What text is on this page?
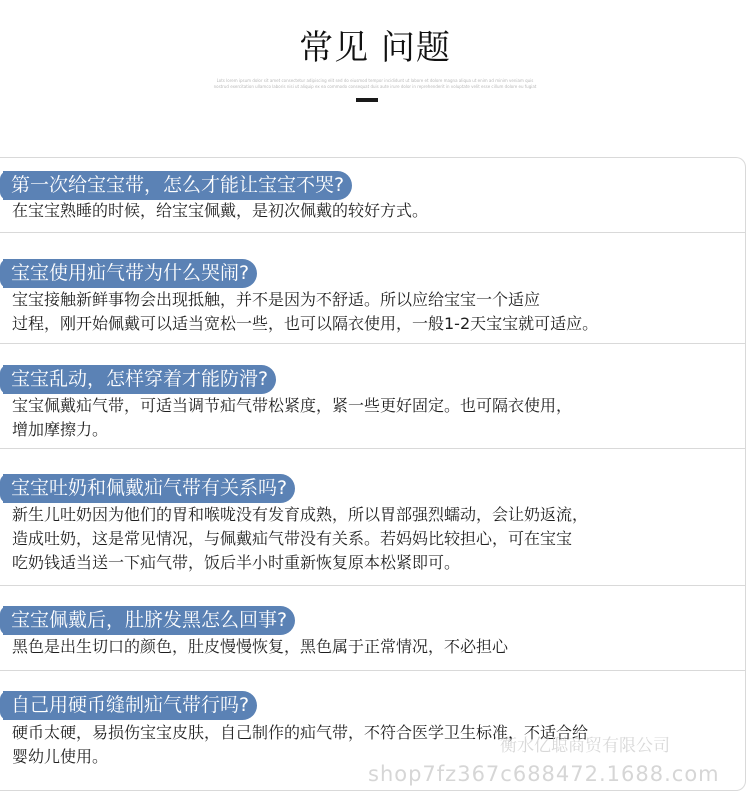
常见 问题
Lots lorem ipsum dolor sit amet consectetur adipiscing elit sed do eiusmod tempor incididunt ut labore et dolore magna aliqua ut enim ad minim veniam quis
nostrud exercitation ullamco laboris nisi ut aliquip ex ea commodo consequat duis aute irure dolor in reprehenderit in voluptate velit esse cillum dolore eu fugiat
第一次给宝宝带，怎么才能让宝宝不哭?
在宝宝熟睡的时候，给宝宝佩戴，是初次佩戴的较好方式。
宝宝使用疝气带为什么哭闹?
宝宝接触新鲜事物会出现抵触，并不是因为不舒适。所以应给宝宝一个适应
过程，刚开始佩戴可以适当宽松一些，也可以隔衣使用，一般1-2天宝宝就可适应。
宝宝乱动，怎样穿着才能防滑?
宝宝佩戴疝气带，可适当调节疝气带松紧度，紧一些更好固定。也可隔衣使用，
增加摩擦力。
宝宝吐奶和佩戴疝气带有关系吗?
新生儿吐奶因为他们的胃和喉咙没有发育成熟，所以胃部强烈蠕动，会让奶返流，
造成吐奶，这是常见情况，与佩戴疝气带没有关系。若妈妈比较担心，可在宝宝
吃奶钱适当送一下疝气带，饭后半小时重新恢复原本松紧即可。
宝宝佩戴后，肚脐发黑怎么回事?
黑色是出生切口的颜色，肚皮慢慢恢复，黑色属于正常情况，不必担心
自己用硬币缝制疝气带行吗?
硬币太硬，易损伤宝宝皮肤，自己制作的疝气带，不符合医学卫生标准，不适合给
婴幼儿使用。
衡水亿聪商贸有限公司
shop7fz367c688472.1688.com
